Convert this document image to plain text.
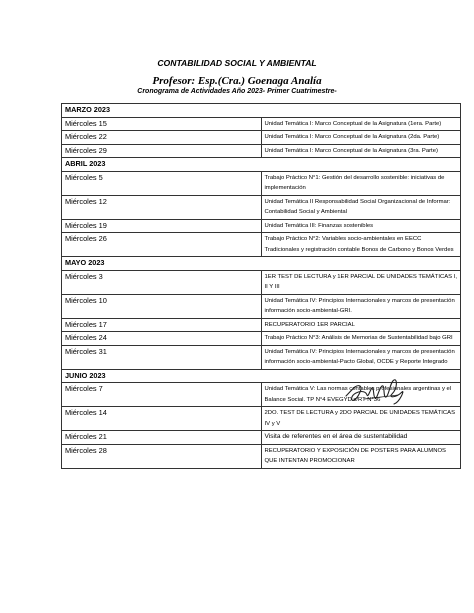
CONTABILIDAD SOCIAL Y AMBIENTAL
Profesor: Esp.(Cra.) Goenaga Analía
Cronograma de Actividades Año 2023- Primer Cuatrimestre-
MARZO 2023	
Miércoles 15	Unidad Temática I: Marco Conceptual de la Asignatura (1era. Parte)
Miércoles 22	Unidad Temática I: Marco Conceptual de la Asignatura (2da. Parte)
Miércoles 29	Unidad Temática I: Marco Conceptual de la Asignatura (3ra. Parte)
ABRIL 2023	
Miércoles 5	Trabajo Práctico N°1: Gestión del desarrollo sostenible: iniciativas de implementación
Miércoles 12	Unidad Temática II Responsabilidad Social Organizacional de Informar: Contabilidad Social y Ambiental
Miércoles 19	Unidad Temática III: Finanzas sostenibles
Miércoles 26	Trabajo Práctico N°2: Variables socio-ambientales en EECC Tradicionales y registración contable Bonos de Carbono y Bonos Verdes
MAYO 2023	
Miércoles 3	1ER TEST DE LECTURA y 1ER PARCIAL DE UNIDADES TEMÁTICAS I, II Y III
Miércoles 10	Unidad Temática IV: Principios Internacionales y marcos de presentación información socio-ambiental-GRI.
Miércoles 17	RECUPERATORIO 1ER PARCIAL
Miércoles 24	Trabajo Práctico N°3: Análisis de Memorias de Sustentabilidad bajo GRI
Miércoles 31	Unidad Temática IV: Principios Internacionales y marcos de presentación información socio-ambiental-Pacto Global, OCDE y Reporte Integrado
JUNIO 2023	
Miércoles 7	Unidad Temática V: Las normas contables profesionales argentinas y el Balance Social. TP N°4 EVEGYD s/RT N°36
Miércoles 14	2DO. TEST DE LECTURA y 2DO PARCIAL DE UNIDADES TEMÁTICAS IV y V
Miércoles 21	Visita de referentes en el área de sustentabilidad
Miércoles 28	RECUPERATORIO Y EXPOSICIÓN DE POSTERS PARA ALUMNOS QUE INTENTAN PROMOCIONAR
